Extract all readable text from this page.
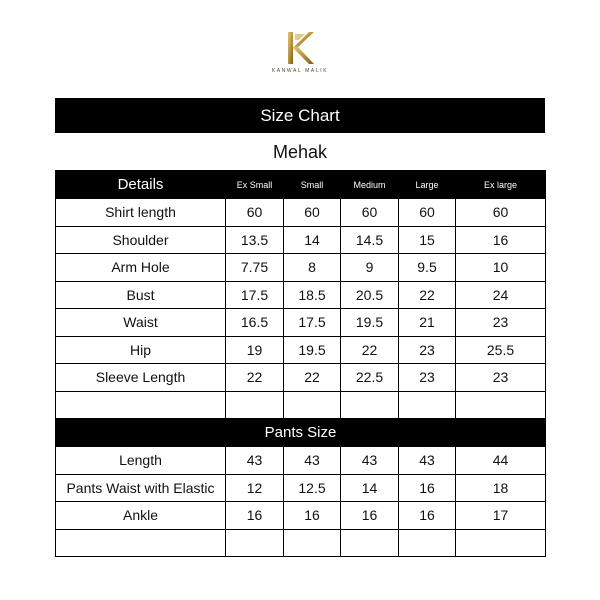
KANWAL MALIK
Size Chart
Mehak
Details	Ex Small	Small	Medium	Large	Ex large
Shirt length	60	60	60	60	60
Shoulder	13.5	14	14.5	15	16
Arm Hole	7.75	8	9	9.5	10
Bust	17.5	18.5	20.5	22	24
Waist	16.5	17.5	19.5	21	23
Hip	19	19.5	22	23	25.5
Sleeve Length	22	22	22.5	23	23

Pants Size					
Length	43	43	43	43	44
Pants Waist with Elastic	12	12.5	14	16	18
Ankle	16	16	16	16	17
